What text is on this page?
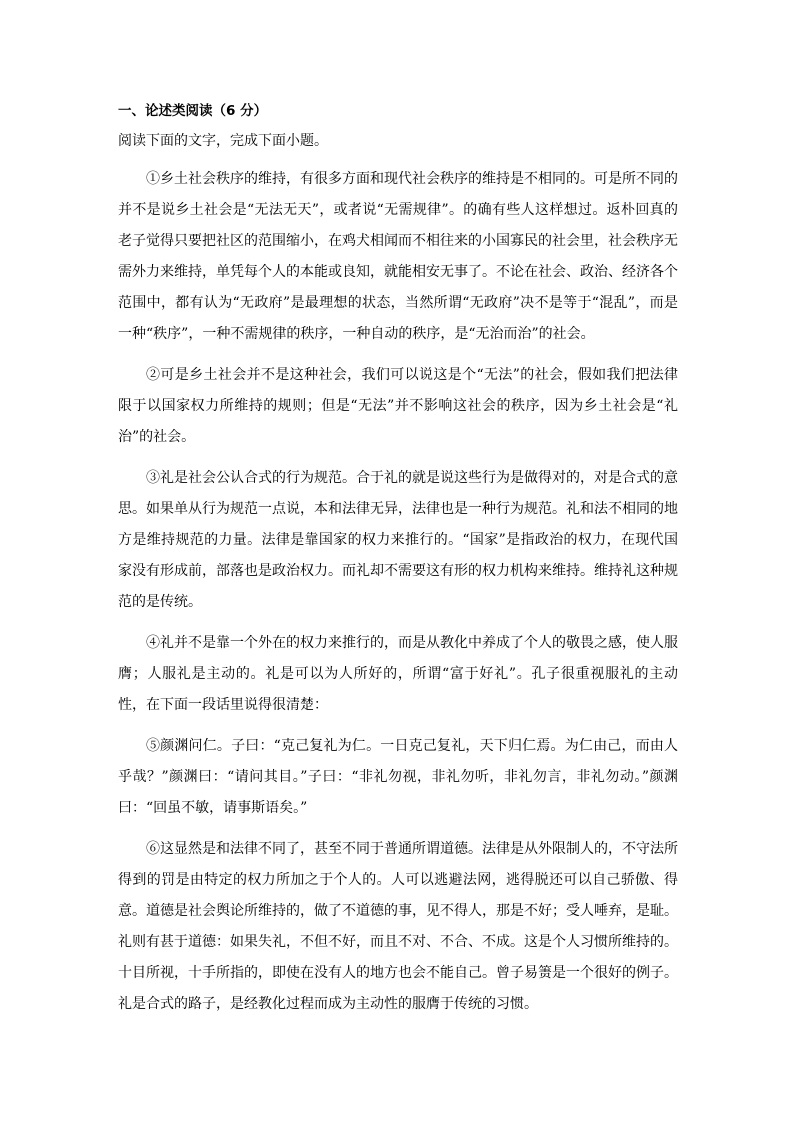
一、论述类阅读（6 分）
阅读下面的文字，完成下面小题。

①乡土社会秩序的维持，有很多方面和现代社会秩序的维持是不相同的。可是所不同的并不是说乡土社会是“无法无天”，或者说“无需规律”。的确有些人这样想过。返朴回真的老子觉得只要把社区的范围缩小，在鸡犬相闻而不相往来的小国寡民的社会里，社会秩序无需外力来维持，单凭每个人的本能或良知，就能相安无事了。不论在社会、政治、经济各个范围中，都有认为“无政府”是最理想的状态，当然所谓“无政府”决不是等于“混乱”，而是一种“秩序”，一种不需规律的秩序，一种自动的秩序，是“无治而治”的社会。

②可是乡土社会并不是这种社会，我们可以说这是个“无法”的社会，假如我们把法律限于以国家权力所维持的规则；但是“无法”并不影响这社会的秩序，因为乡土社会是“礼治”的社会。

③礼是社会公认合式的行为规范。合于礼的就是说这些行为是做得对的，对是合式的意思。如果单从行为规范一点说，本和法律无异，法律也是一种行为规范。礼和法不相同的地方是维持规范的力量。法律是靠国家的权力来推行的。“国家”是指政治的权力，在现代国家没有形成前，部落也是政治权力。而礼却不需要这有形的权力机构来维持。维持礼这种规范的是传统。

④礼并不是靠一个外在的权力来推行的，而是从教化中养成了个人的敬畏之感，使人服膺；人服礼是主动的。礼是可以为人所好的，所谓“富于好礼”。孔子很重视服礼的主动性，在下面一段话里说得很清楚：

⑤颜渊问仁。子曰：“克己复礼为仁。一日克己复礼，天下归仁焉。为仁由己，而由人乎哉？”颜渊曰：“请问其目。”子曰：“非礼勿视，非礼勿听，非礼勿言，非礼勿动。”颜渊曰：“回虽不敏，请事斯语矣。”

⑥这显然是和法律不同了，甚至不同于普通所谓道德。法律是从外限制人的，不守法所得到的罚是由特定的权力所加之于个人的。人可以逃避法网，逃得脱还可以自己骄傲、得意。道德是社会舆论所维持的，做了不道德的事，见不得人，那是不好；受人唾弃，是耻。礼则有甚于道德：如果失礼，不但不好，而且不对、不合、不成。这是个人习惯所维持的。十目所视，十手所指的，即使在没有人的地方也会不能自己。曾子易箦是一个很好的例子。礼是合式的路子，是经教化过程而成为主动性的服膺于传统的习惯。
